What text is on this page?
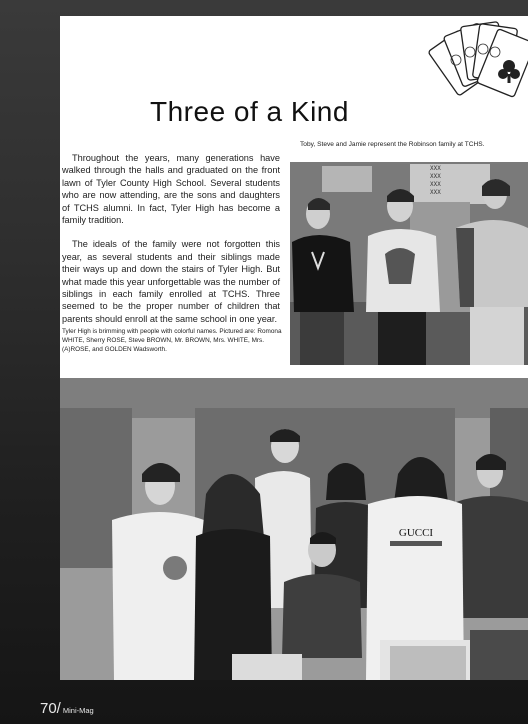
Three of a Kind
Toby, Steve and Jamie represent the Robinson family at TCHS.

Throughout the years, many generations have walked through the halls and graduated on the front lawn of Tyler County High School. Several students who are now attending, are the sons and daughters of TCHS alumni. In fact, Tyler High has become a family tradition.

The ideals of the family were not forgotten this year, as several students and their siblings made their ways up and down the stairs of Tyler High. But what made this year unforgettable was the number of siblings in each family enrolled at TCHS. Three seemed to be the proper number of children that parents should enroll at the same school in one year.

Tyler High is brimming with people with colorful names. Pictured are: Romona WHITE, Sherry ROSE, Steve BROWN, Mr. BROWN, Mrs. WHITE, Mrs. (A)ROSE, and GOLDEN Wadsworth.
XXX
XXX
XXX
XXX
GUCCI
70/ Mini-Mag
